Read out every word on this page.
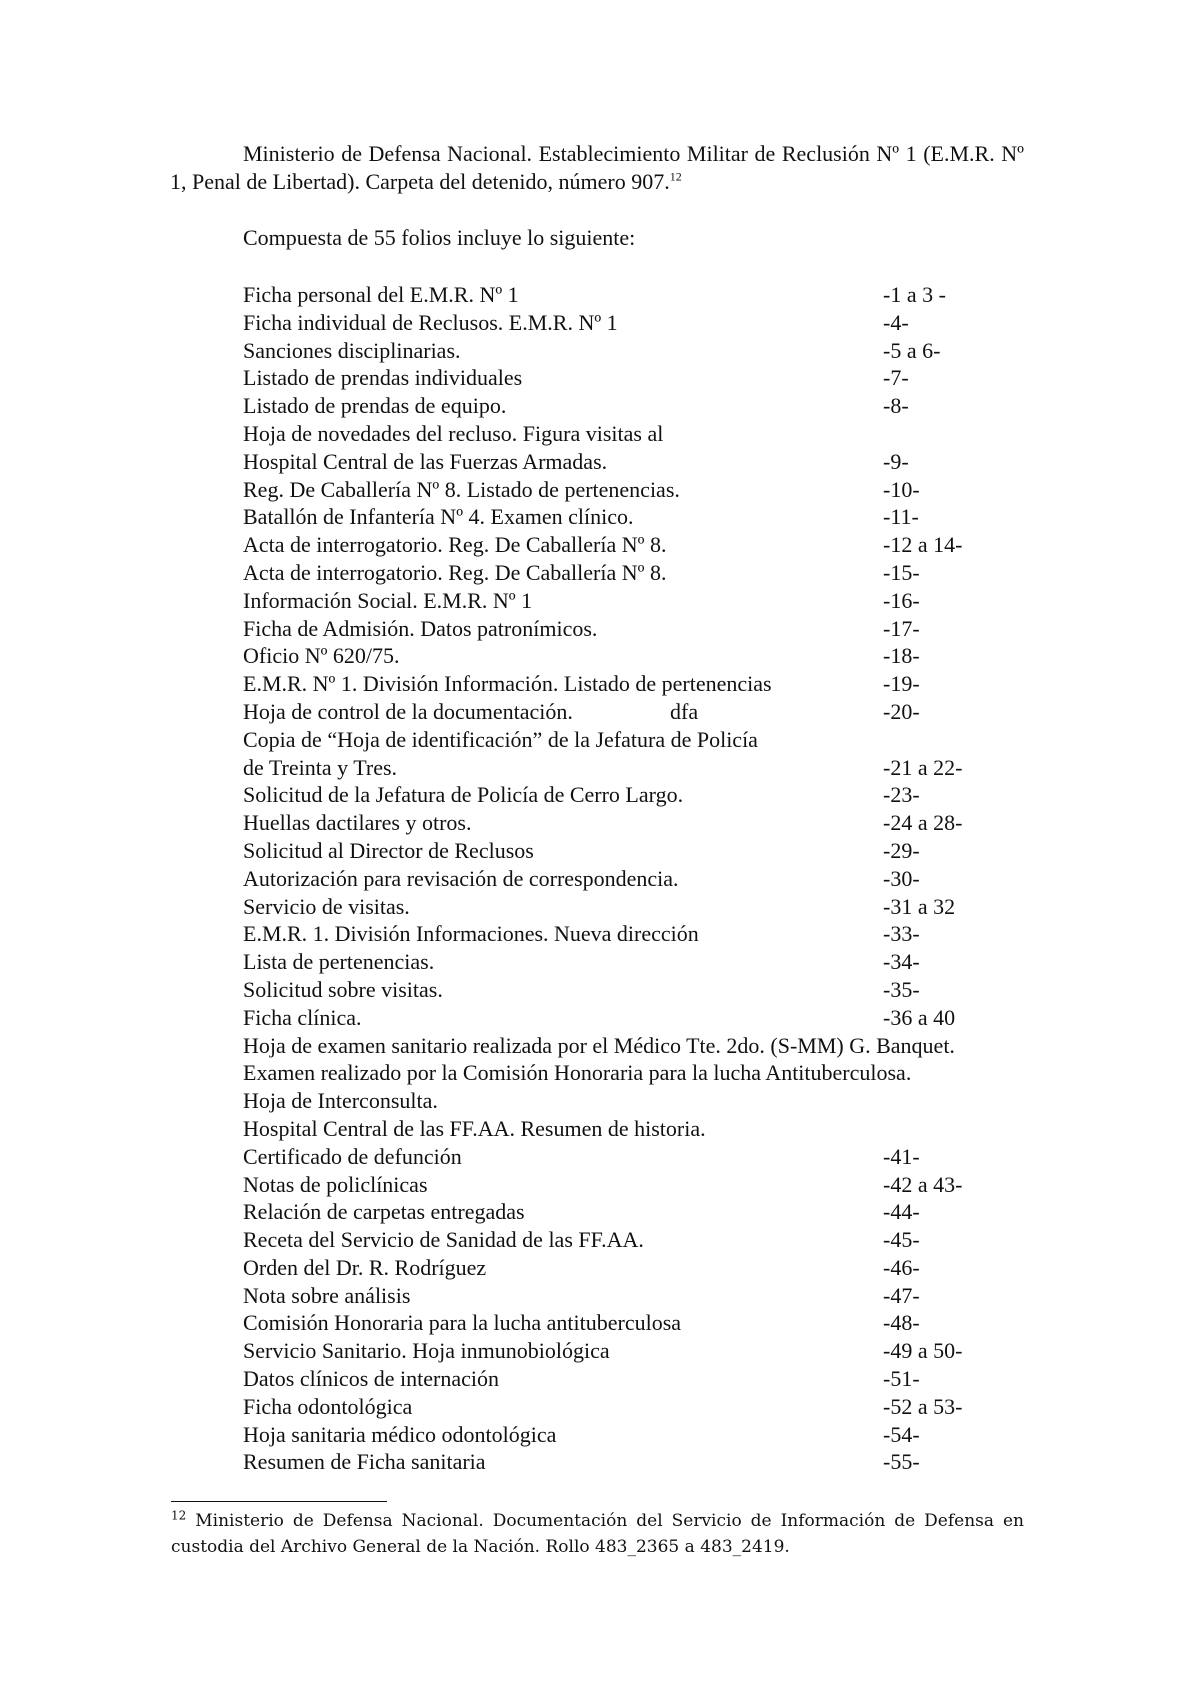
Ministerio de Defensa Nacional. Establecimiento Militar de Reclusión Nº 1 (E.M.R. Nº 1, Penal de Libertad). Carpeta del detenido, número 907.12

Compuesta de 55 folios incluye lo siguiente:

Ficha personal del E.M.R. Nº 1	-1 a 3 -
Ficha individual de Reclusos. E.M.R. Nº 1	-4-
Sanciones disciplinarias.	-5 a 6-
Listado de prendas individuales	-7-
Listado de prendas de equipo.	-8-
Hoja de novedades del recluso. Figura visitas al
Hospital Central de las Fuerzas Armadas.	-9-
Reg. De Caballería Nº 8. Listado de pertenencias.	-10-
Batallón de Infantería Nº 4. Examen clínico.	-11-
Acta de interrogatorio. Reg. De Caballería Nº 8.	-12 a 14-
Acta de interrogatorio. Reg. De Caballería Nº 8.	-15-
Información Social. E.M.R. Nº 1	-16-
Ficha de Admisión. Datos patronímicos.	-17-
Oficio Nº 620/75.	-18-
E.M.R. Nº 1. División Información. Listado de pertenencias	-19-
Hoja de control de la documentación.	dfa	-20-
Copia de “Hoja de identificación” de la Jefatura de Policía
de Treinta y Tres.	-21 a 22-
Solicitud de la Jefatura de Policía de Cerro Largo.	-23-
Huellas dactilares y otros.	-24 a 28-
Solicitud al Director de Reclusos	-29-
Autorización para revisación de correspondencia.	-30-
Servicio de visitas.	-31 a 32
E.M.R. 1. División Informaciones. Nueva dirección	-33-
Lista de pertenencias.	-34-
Solicitud sobre visitas.	-35-
Ficha clínica.	-36 a 40
Hoja de examen sanitario realizada por el Médico Tte. 2do. (S-MM) G. Banquet.
Examen realizado por la Comisión Honoraria para la lucha Antituberculosa.
Hoja de Interconsulta.
Hospital Central de las FF.AA. Resumen de historia.
Certificado de defunción	-41-
Notas de policlínicas	-42 a 43-
Relación de carpetas entregadas	-44-
Receta del Servicio de Sanidad de las FF.AA.	-45-
Orden del Dr. R. Rodríguez	-46-
Nota sobre análisis	-47-
Comisión Honoraria para la lucha antituberculosa	-48-
Servicio Sanitario. Hoja inmunobiológica	-49 a 50-
Datos clínicos de internación	-51-
Ficha odontológica	-52 a 53-
Hoja sanitaria médico odontológica	-54-
Resumen de Ficha sanitaria	-55-

$^{12}$ Ministerio de Defensa Nacional. Documentación del Servicio de Información de Defensa en custodia del Archivo General de la Nación. Rollo 483_2365 a 483_2419.
